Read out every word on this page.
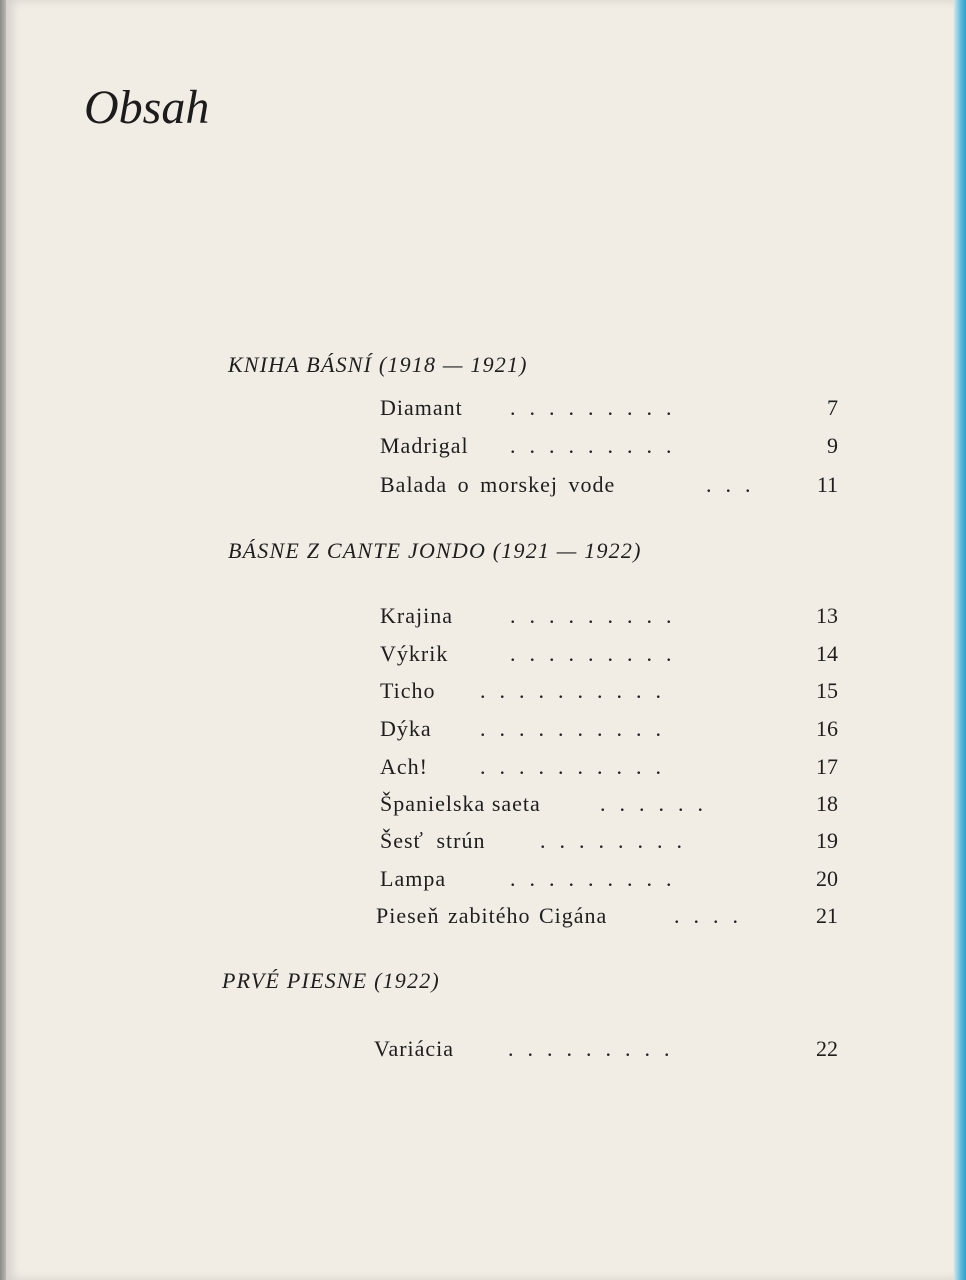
Obsah
KNIHA BÁSNÍ (1918 — 1921)
Diamant .........	7
Madrigal .........	9
Balada o morskej vode	...	11
BÁSNE Z CANTE JONDO (1921 — 1922)
Krajina	.........	13
Výkrik	.........	14
Ticho ..........	15
Dýka ..........	16
Ach! ..........	17
Španielska saeta	......	18
Šesť strún ........	19
Lampa	.........	20
Pieseň zabitého Cigána	....	21
PRVÉ PIESNE (1922)
Variácia .........	22
